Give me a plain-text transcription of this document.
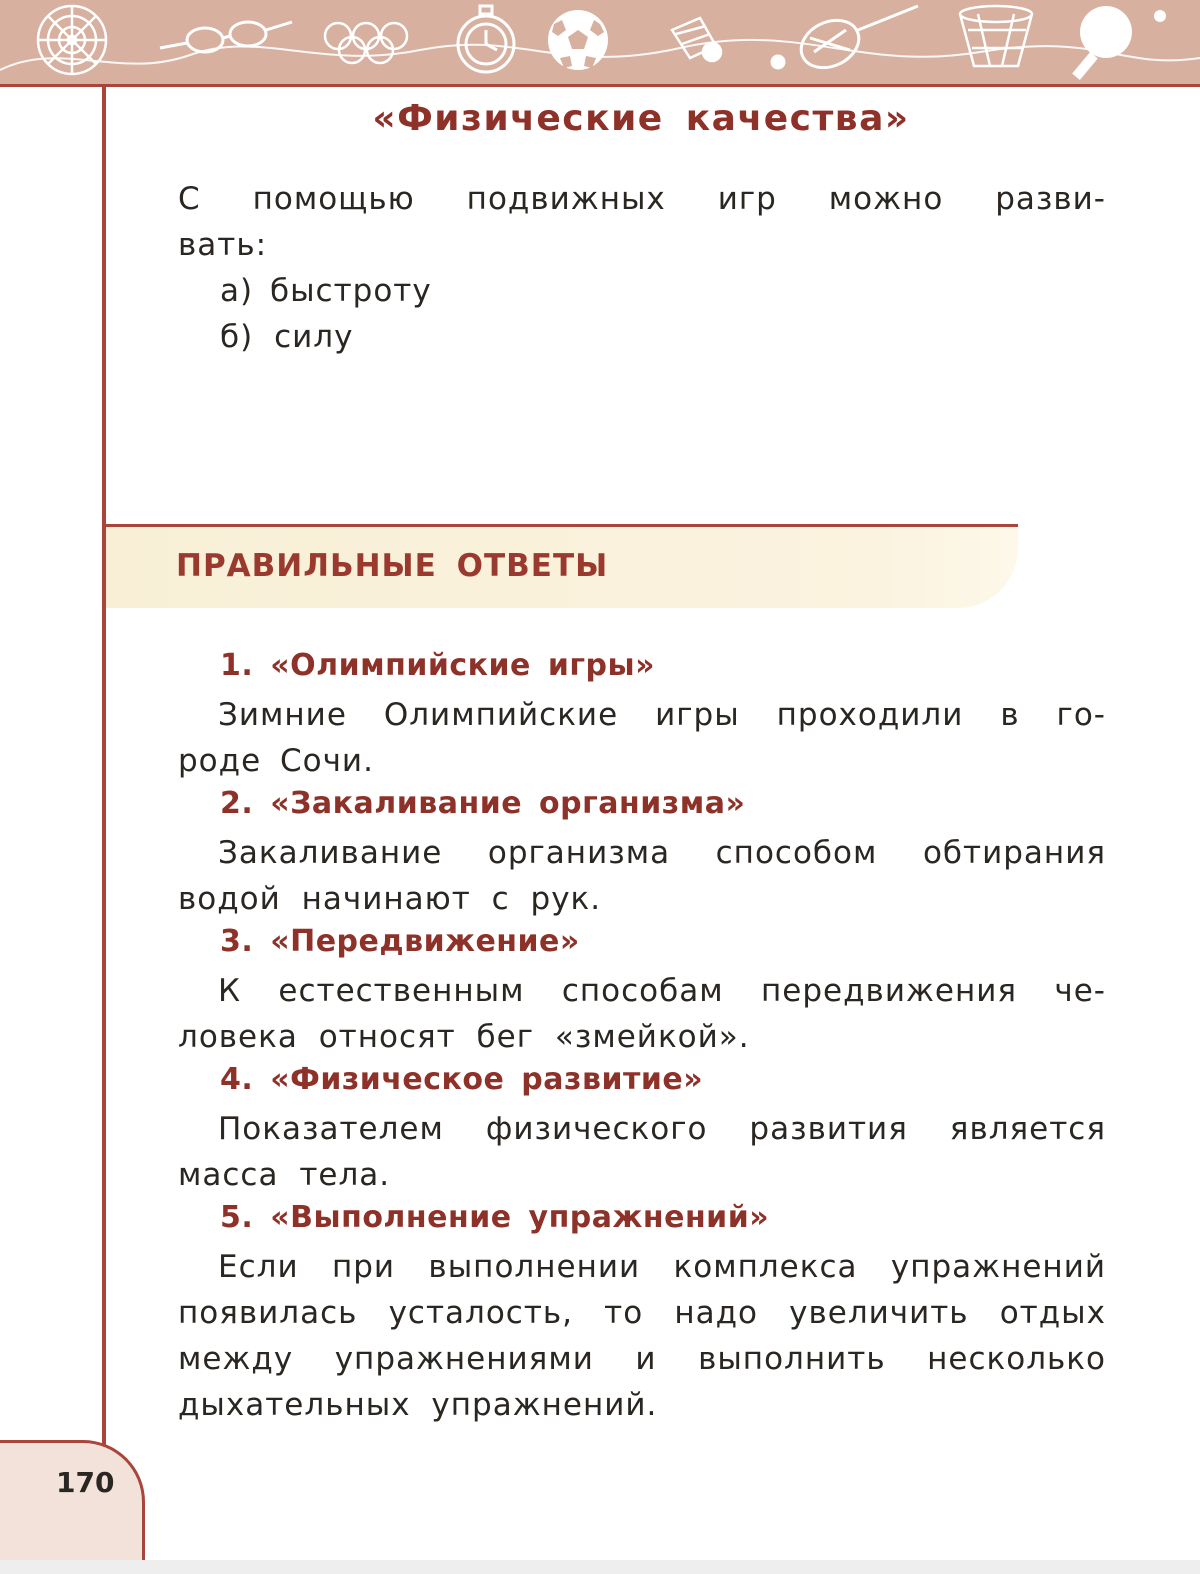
«Физические качества»
С помощью подвижных игр можно разви-
вать:
а) быстроту
б) силу
ПРАВИЛЬНЫЕ ОТВЕТЫ
1. «Олимпийские игры»
Зимние Олимпийские игры проходили в го-
роде Сочи.
2. «Закаливание организма»
Закаливание организма способом обтирания
водой начинают с рук.
3. «Передвижение»
К естественным способам передвижения че-
ловека относят бег «змейкой».
4. «Физическое развитие»
Показателем физического развития является
масса тела.
5. «Выполнение упражнений»
Если при выполнении комплекса упражнений
появилась усталость, то надо увеличить отдых
между упражнениями и выполнить несколько
дыхательных упражнений.
170
